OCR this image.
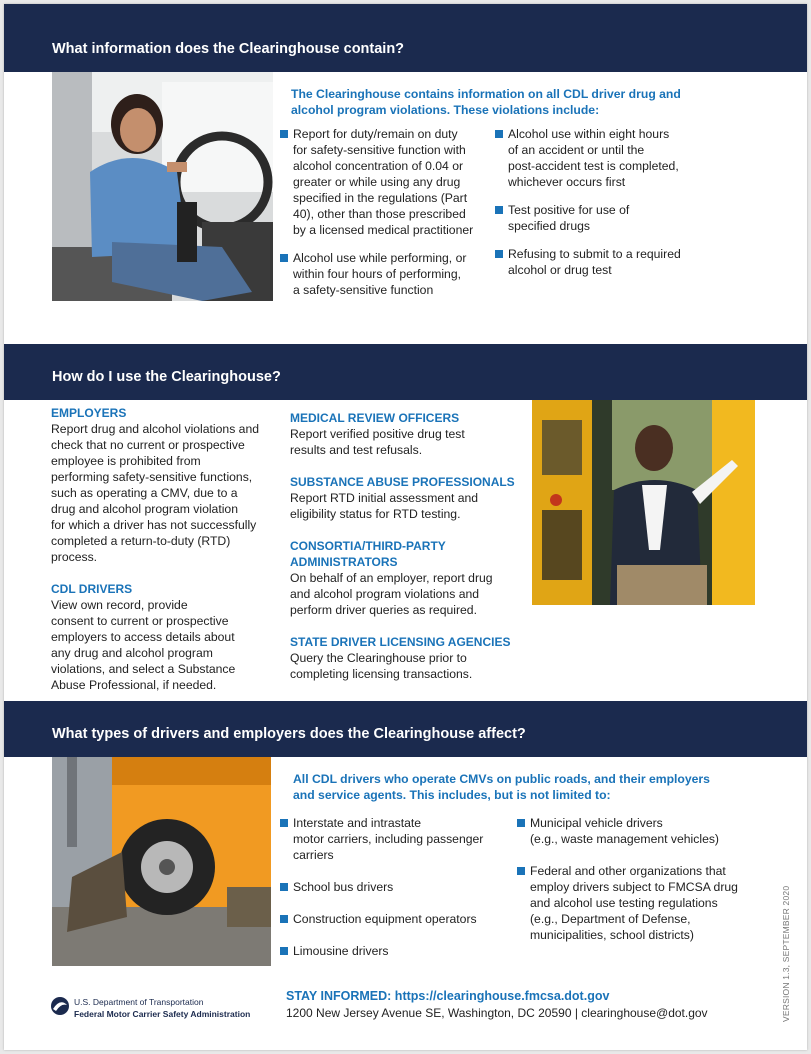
What information does the Clearinghouse contain?
The Clearinghouse contains information on all CDL driver drug and
alcohol program violations. These violations include:
Report for duty/remain on duty
for safety-sensitive function with
alcohol concentration of 0.04 or
greater or while using any drug
specified in the regulations (Part
40), other than those prescribed
by a licensed medical practitioner
Alcohol use while performing, or
within four hours of performing,
a safety-sensitive function
Alcohol use within eight hours
of an accident or until the
post-accident test is completed,
whichever occurs first
Test positive for use of
specified drugs
Refusing to submit to a required
alcohol or drug test
How do I use the Clearinghouse?
EMPLOYERS
Report drug and alcohol violations and
check that no current or prospective
employee is prohibited from
performing safety-sensitive functions,
such as operating a CMV, due to a
drug and alcohol program violation
for which a driver has not successfully
completed a return-to-duty (RTD)
process.
CDL DRIVERS
View own record, provide
consent to current or prospective
employers to access details about
any drug and alcohol program
violations, and select a Substance
Abuse Professional, if needed.
MEDICAL REVIEW OFFICERS
Report verified positive drug test
results and test refusals.
SUBSTANCE ABUSE PROFESSIONALS
Report RTD initial assessment and
eligibility status for RTD testing.
CONSORTIA/THIRD-PARTY
ADMINISTRATORS
On behalf of an employer, report drug
and alcohol program violations and
perform driver queries as required.
STATE DRIVER LICENSING AGENCIES
Query the Clearinghouse prior to
completing licensing transactions.
What types of drivers and employers does the Clearinghouse affect?
All CDL drivers who operate CMVs on public roads, and their employers
and service agents. This includes, but is not limited to:
Interstate and intrastate
motor carriers, including passenger
carriers
School bus drivers
Construction equipment operators
Limousine drivers
Municipal vehicle drivers
(e.g., waste management vehicles)
Federal and other organizations that
employ drivers subject to FMCSA drug
and alcohol use testing regulations
(e.g., Department of Defense,
municipalities, school districts)
U.S. Department of Transportation
Federal Motor Carrier Safety Administration
STAY INFORMED: https://clearinghouse.fmcsa.dot.gov
1200 New Jersey Avenue SE, Washington, DC 20590 | clearinghouse@dot.gov	VERSION 1.3, SEPTEMBER 2020
